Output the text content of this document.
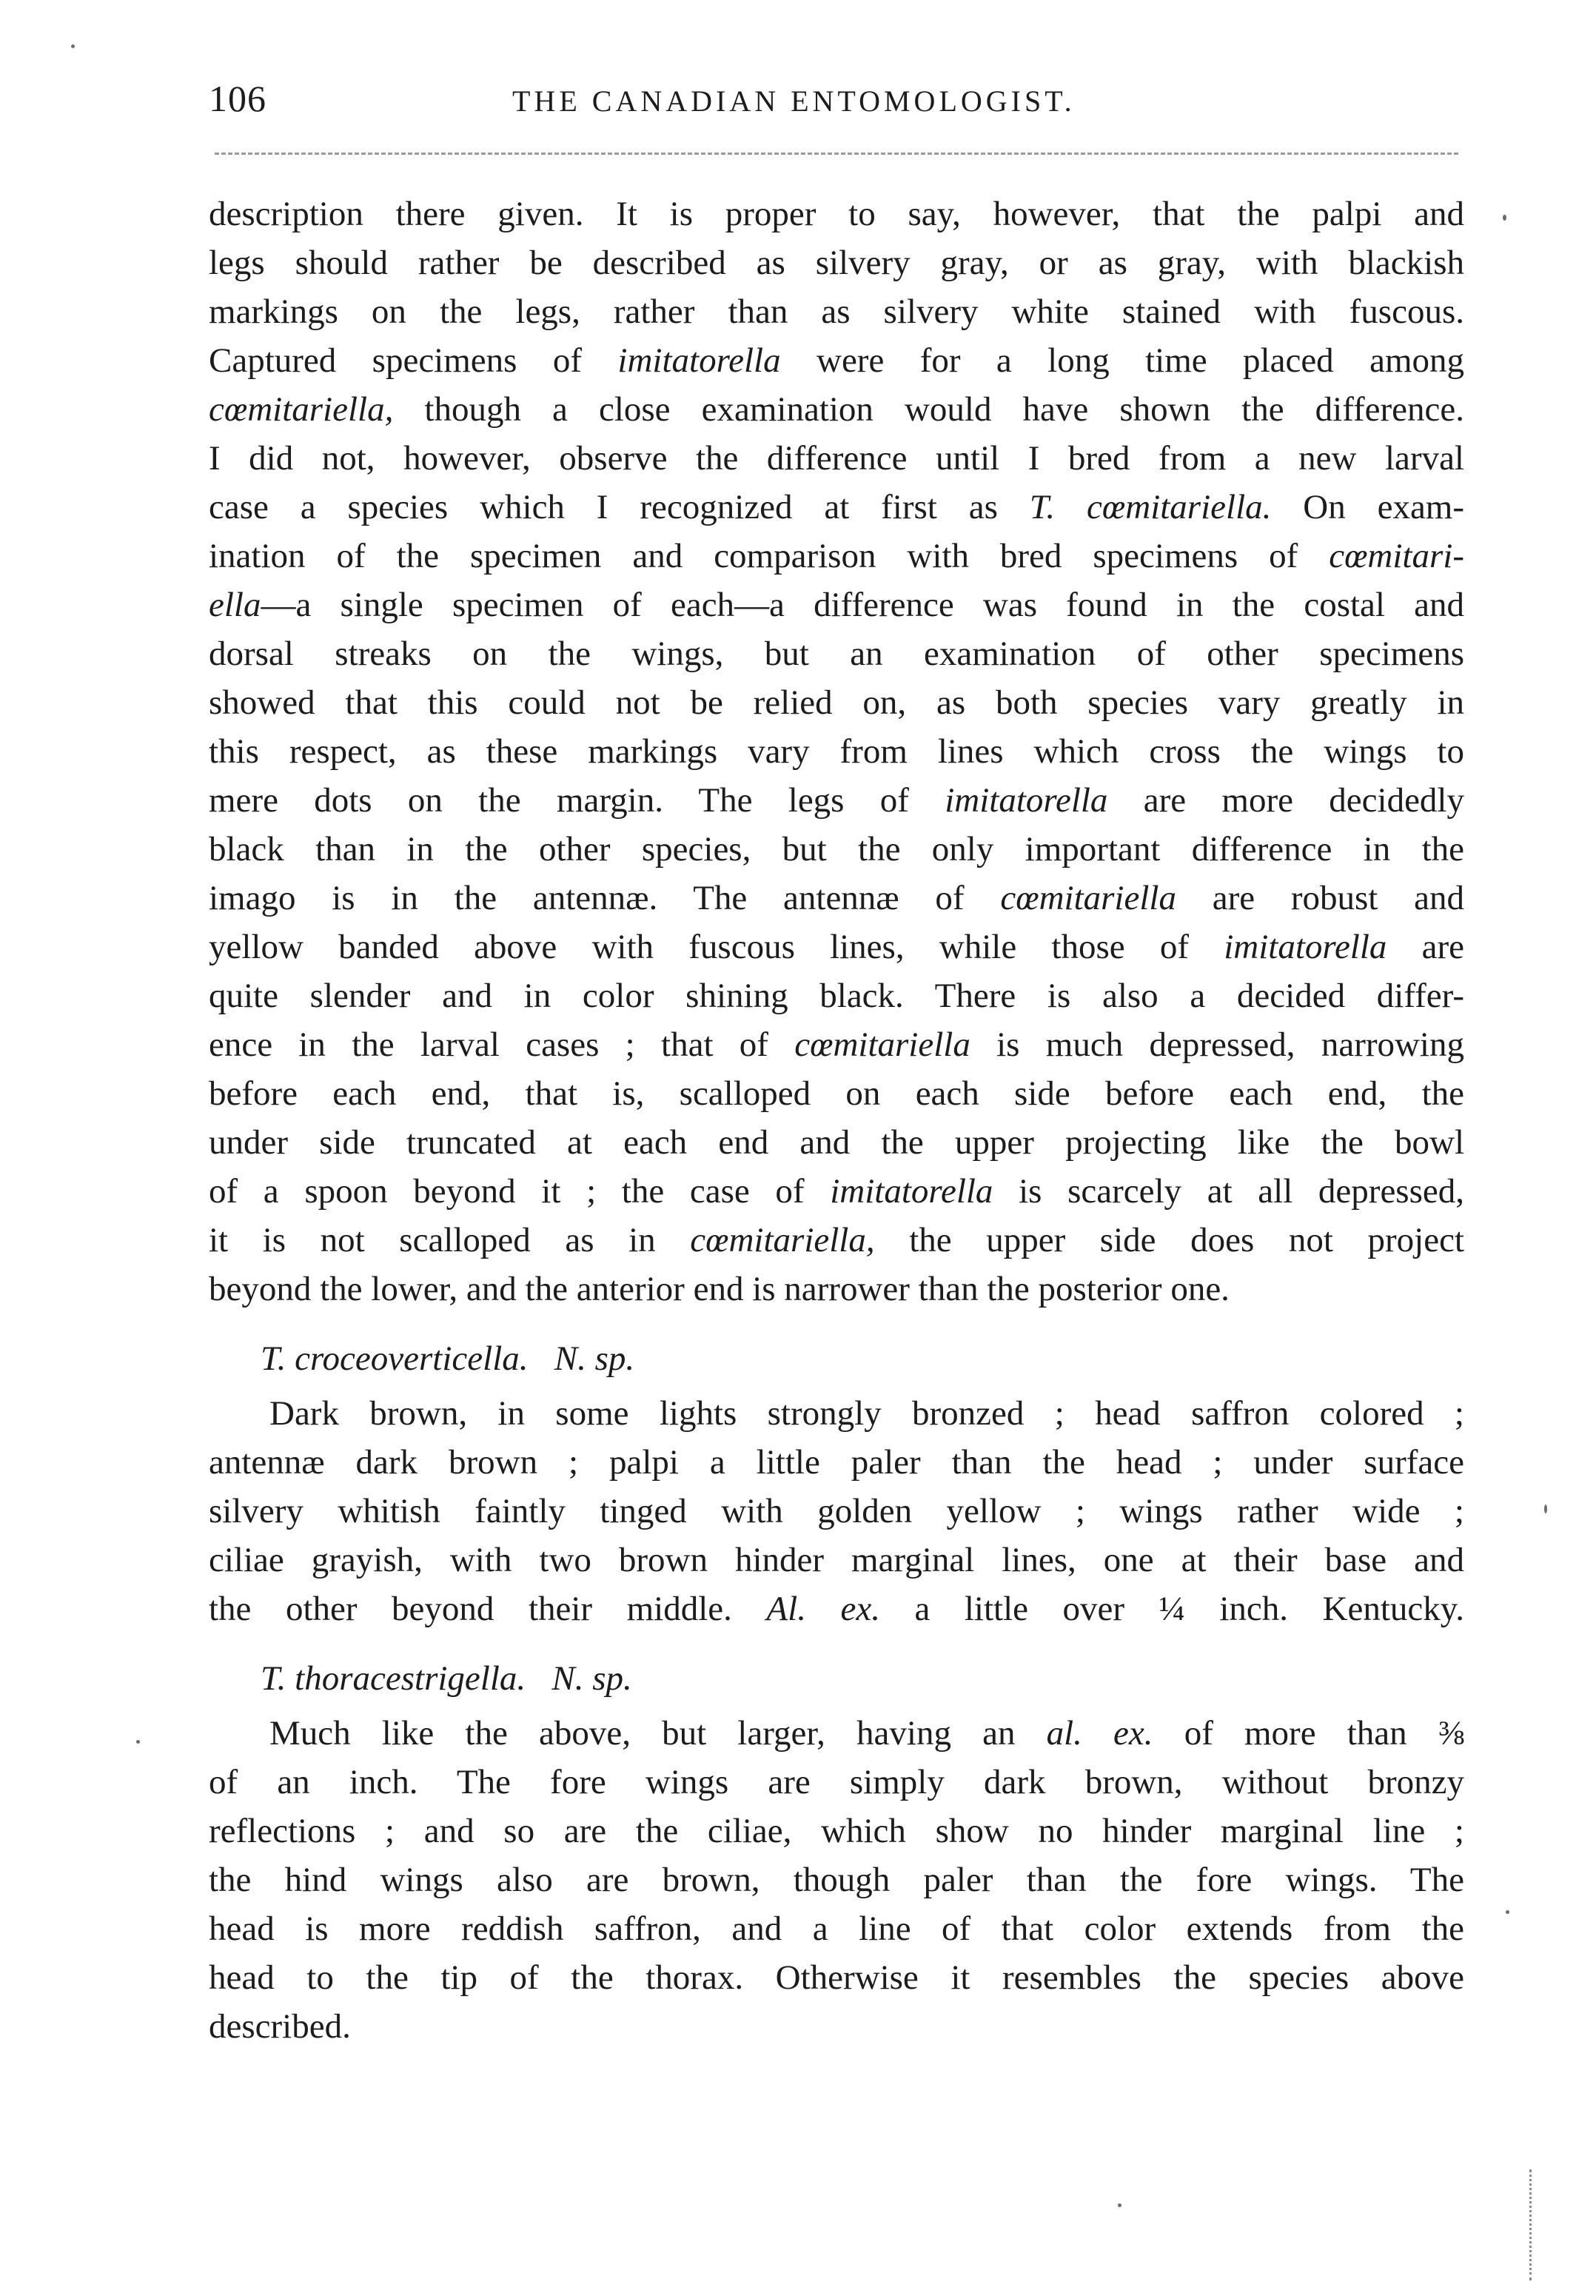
106	THE CANADIAN ENTOMOLOGIST.
description there given. It is proper to say, however, that the palpi and
legs should rather be described as silvery gray, or as gray, with blackish
markings on the legs, rather than as silvery white stained with fuscous.
Captured specimens of imitatorella were for a long time placed among
cœmitariella, though a close examination would have shown the difference.
I did not, however, observe the difference until I bred from a new larval
case a species which I recognized at first as T. cœmitariella. On exam-
ination of the specimen and comparison with bred specimens of cœmitari-
ella—a single specimen of each—a difference was found in the costal and
dorsal streaks on the wings, but an examination of other specimens
showed that this could not be relied on, as both species vary greatly in
this respect, as these markings vary from lines which cross the wings to
mere dots on the margin. The legs of imitatorella are more decidedly
black than in the other species, but the only important difference in the
imago is in the antennæ. The antennæ of cœmitariella are robust and
yellow banded above with fuscous lines, while those of imitatorella are
quite slender and in color shining black. There is also a decided differ-
ence in the larval cases ; that of cœmitariella is much depressed, narrowing
before each end, that is, scalloped on each side before each end, the
under side truncated at each end and the upper projecting like the bowl
of a spoon beyond it ; the case of imitatorella is scarcely at all depressed,
it is not scalloped as in cœmitariella, the upper side does not project
beyond the lower, and the anterior end is narrower than the posterior one.
T. croceoverticella. N. sp.
Dark brown, in some lights strongly bronzed ; head saffron colored ;
antennæ dark brown ; palpi a little paler than the head ; under surface
silvery whitish faintly tinged with golden yellow ; wings rather wide ;
ciliae grayish, with two brown hinder marginal lines, one at their base and
the other beyond their middle. Al. ex. a little over ¼ inch. Kentucky.
T. thoracestrigella. N. sp.
Much like the above, but larger, having an al. ex. of more than ⅜
of an inch. The fore wings are simply dark brown, without bronzy
reflections ; and so are the ciliae, which show no hinder marginal line ;
the hind wings also are brown, though paler than the fore wings. The
head is more reddish saffron, and a line of that color extends from the
head to the tip of the thorax. Otherwise it resembles the species above
described.
